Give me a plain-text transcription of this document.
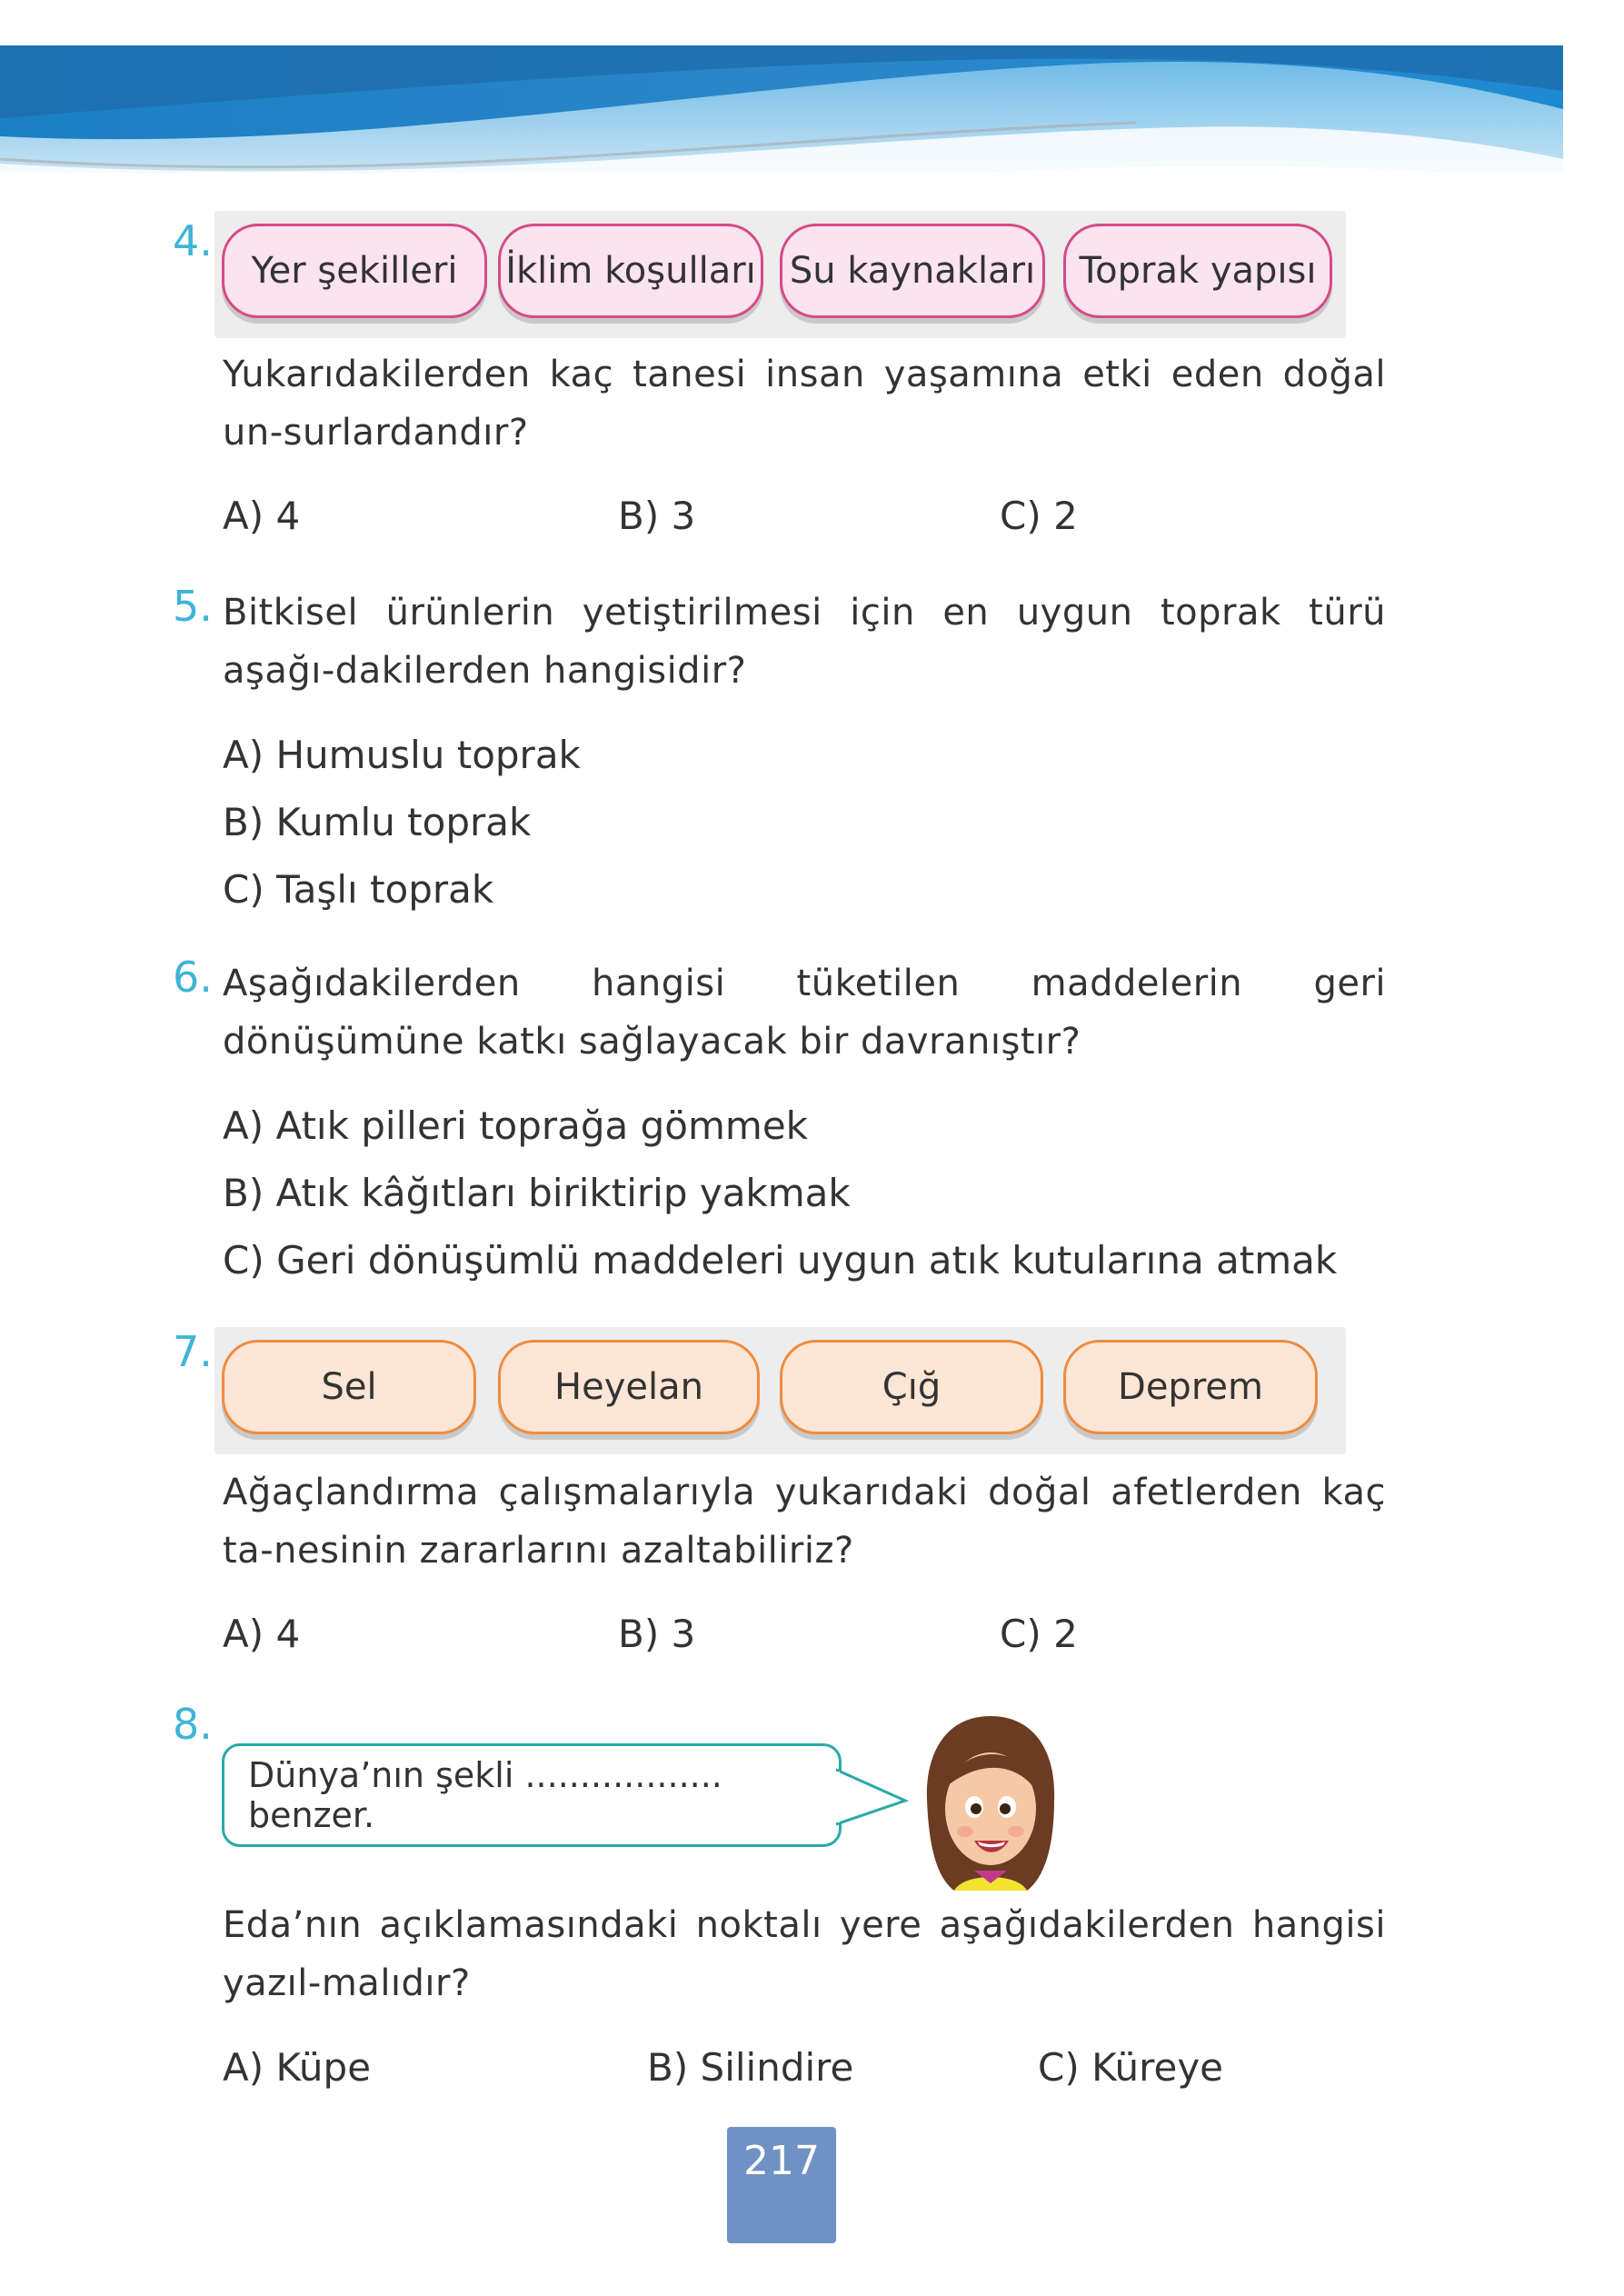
4.
Yer şekilleri	İklim koşulları Su kaynakları	Toprak yapısı
Yukarıdakilerden kaç tanesi insan yaşamına etki eden doğal un-surlardandır?
A) 4	B) 3	C) 2
5. Bitkisel ürünlerin yetiştirilmesi için en uygun toprak türü aşağı-dakilerden hangisidir?
A) Humuslu toprak
B) Kumlu toprak
C) Taşlı toprak
6. Aşağıdakilerden hangisi tüketilen maddelerin geri dönüşümüne katkı sağlayacak bir davranıştır?
A) Atık pilleri toprağa gömmek
B) Atık kâğıtları biriktirip yakmak
C) Geri dönüşümlü maddeleri uygun atık kutularına atmak
7.
Sel	Heyelan	Çığ	Deprem
Ağaçlandırma çalışmalarıyla yukarıdaki doğal afetlerden kaç ta-nesinin zararlarını azaltabiliriz?
A) 4	B) 3	C) 2
8.
Dünya’nın şekli .................. benzer.
Eda’nın açıklamasındaki noktalı yere aşağıdakilerden hangisi yazıl-malıdır?
A) Küpe	B) Silindire	C) Küreye
217
